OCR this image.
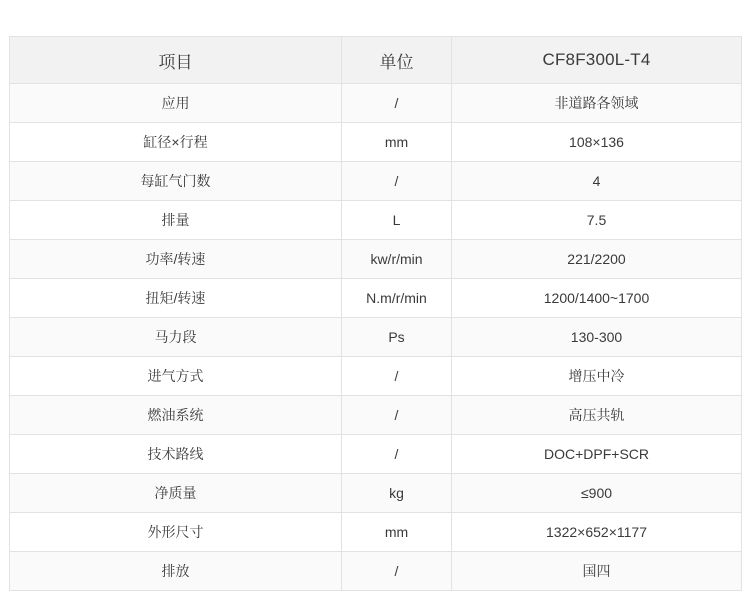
项目	单位	CF8F300L-T4
应用	/	非道路各领域
缸径×行程	mm	108×136
每缸气门数	/	4
排量	L	7.5
功率/转速	kw/r/min	221/2200
扭矩/转速	N.m/r/min	1200/1400~1700
马力段	Ps	130-300
进气方式	/	增压中冷
燃油系统	/	高压共轨
技术路线	/	DOC+DPF+SCR
净质量	kg	≤900
外形尺寸	mm	1322×652×1177
排放	/	国四
